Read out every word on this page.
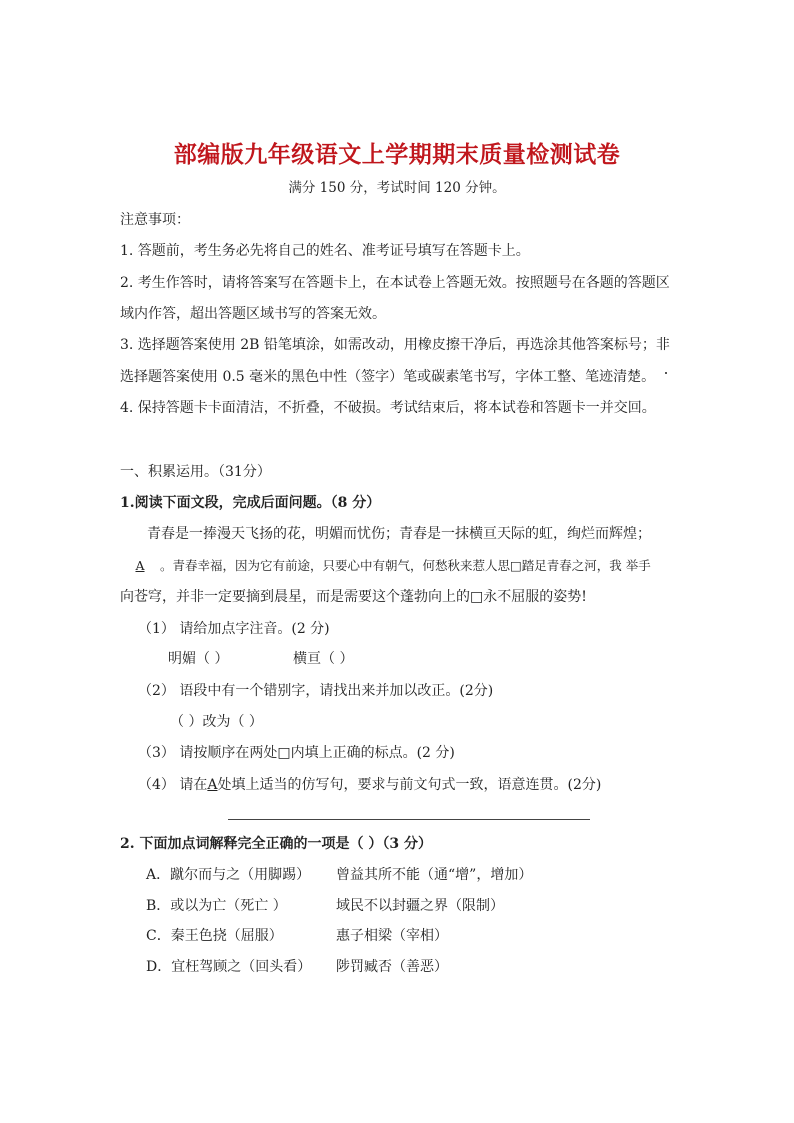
部编版九年级语文上学期期末质量检测试卷
满分 150 分，考试时间 120 分钟。
注意事项：
1. 答题前，考生务必先将自己的姓名、准考证号填写在答题卡上。
2. 考生作答时，请将答案写在答题卡上，在本试卷上答题无效。按照题号在各题的答题区
域内作答，超出答题区域书写的答案无效。
3. 选择题答案使用 2B 铅笔填涂，如需改动，用橡皮擦干净后，再选涂其他答案标号；非
选择题答案使用 0.5 毫米的黑色中性（签字）笔或碳素笔书写，字体工整、笔迹清楚。
4. 保持答题卡卡面清洁，不折叠，不破损。考试结束后，将本试卷和答题卡一并交回。
一、积累运用。（31分）
1.阅读下面文段，完成后面问题。（8 分）
青春是一捧漫天飞扬的花，明媚而忧伤；青春是一抹横亘天际的虹，绚烂而辉煌；
A 。青春幸福，因为它有前途，只要心中有朝气，何愁秋来惹人思□踏足青春之河，我 举手
向苍穹，并非一定要摘到晨星，而是需要这个蓬勃向上的□永不屈服的姿势!
（1） 请给加点字注音。(2 分)
明媚（ ）	横亘（ ）
（2） 语段中有一个错别字，请找出来并加以改正。(2分)
（ ）改为（ ）
（3） 请按顺序在两处□内填上正确的标点。(2 分)
（4） 请在A处填上适当的仿写句，要求与前文句式一致，语意连贯。(2分)
2. 下面加点词解释完全正确的一项是（ ）（3 分）
A．蹴尔而与之（用脚踢） 曾益其所不能（通“增”，增加）
B．或以为亡（死亡 ）	域民不以封疆之界（限制）
C．秦王色挠（屈服）	惠子相梁（宰相）
D．宜枉驾顾之（回头看） 陟罚臧否（善恶）
